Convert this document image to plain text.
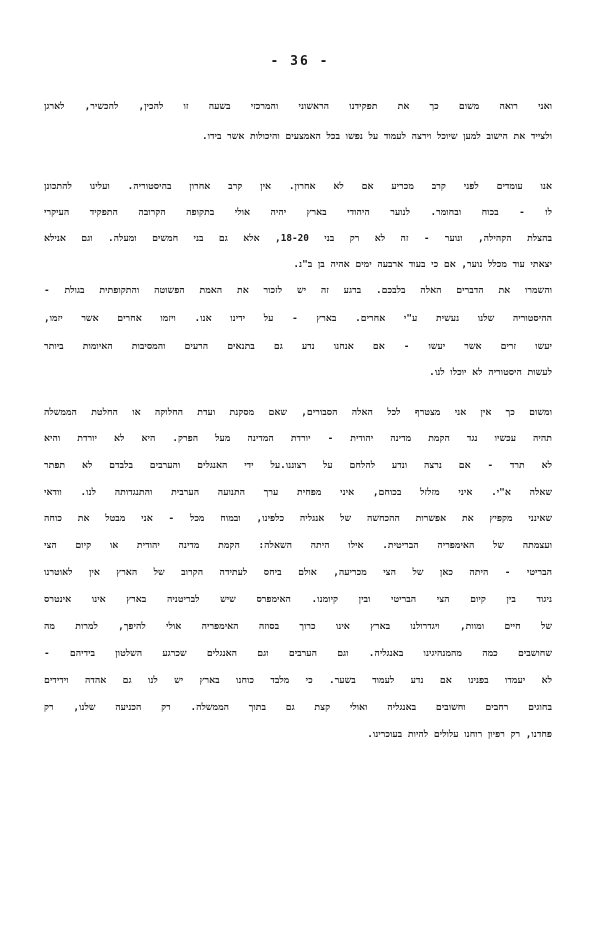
- 36 -
ואני רואה משום כך את תפקידנו הראשוני והמרכזי בשעה זו להכין, להכשיר, לארגן
ולצייד את הישוב למען שיוכל וירצה לעמוד על נפשו בכל האמצעים והיכולות אשר בידו.
אנו עומדים לפני קרב מכריע אם לא אחרון. אין קרב אחרון בהיסטוריה. ועלינו להתכונן
לו - בכוח ובחומר. לנוער היהודי בארץ יהיה אולי בתקופה הקרובה התפקיד העיקרי
בהצלת הקהילה, ונוער - זה לא רק בני 18-20, אלא גם בני חמשים ומעלה. וגם אנילא
יצאתי עוד מכלל נוער, אם כי בעוד ארבעה ימים אהיה בן ב"נ.
והשמרו את הדברים האלה בלבכם. ברגע זה יש לזכור את האמת הפשוטה והתקופתית בגולת -
ההיסטוריה שלנו נעשית ע"י אחרים. בארץ - על ידינו אנו. ויזמו אחרים אשר יזמו,
יעשו זרים אשר יעשו - אם אנחנו נדע גם בתנאים הרעים והמסיבות האיומות ביותר
לעשות היסטוריה לא יוכלו לנו.
ומשום כך אין אני מצטרף לכל האלה הסבורים, שאם מסקנת ועדת החלוקה או החלטת הממשלה
תהיה עכשיו נגד הקמת מדינה יהודית - יורדת המדינה מעל הפרק. היא לא יורדת והיא
לא תרד - אם נרצה ונדע להלחם על רצוננו.על ידי האנגלים והערבים בלבדם לא תפתר
שאלה א"י. איני מזלזל בכוחם, איני מפחית ערך התנועה הערבית והתנגדותה לנו. וודאי
שאינני מקפיץ את אפשרות ההכחשה של אנגליה כלפינו, ובמוח מכל - אני מבטל את כוחה
ועצמתה של האימפריה הבריטית. אילו היתה השאלה: הקמת מדינה יהודית או קיום הצי
הבריטי - היתה כאן של הצי מכריעה, אולם ביחס לעתידה הקרוב של הארץ אין לאוטרנו
ניגוד בין קיום הצי הבריטי ובין קיומנו. האימפרס שיש לבריטניה בארץ אינו אינטרס
של חיים ומוות, ויגדרולנו בארץ אינו כרוך בסוזה האימפריה אולי להיפך, למרות מה
שחושבים כמה מהמנהיגינו באנגליה. וגם הערבים וגם האנגלים שכרגע השלטון בידיהם -
לא יעמדו בפנינו אם נדע לעמוד בשער. כי מלבד כוחנו בארץ יש לנו גם אהדה וידידים
בחוגים רחבים וחשובים באנגליה ואולי קצת גם בתוך הממשלה. רק הכניעה שלנו, רק
פחדנו, רק רפיון רוחנו עלולים להיות בעוכרינו.
